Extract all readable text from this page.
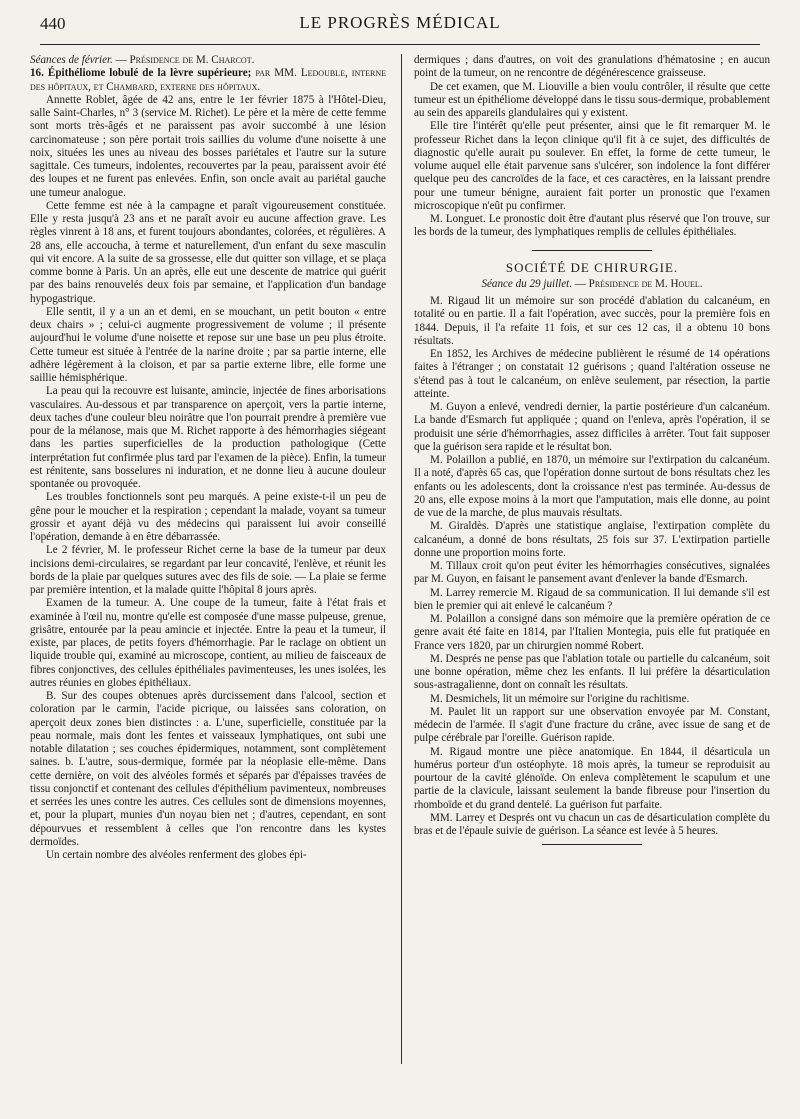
440	LE PROGRÈS MÉDICAL

Séances de février. — Présidence de M. Charcot.

16. Épithéliome lobulé de la lèvre supérieure; par MM. Ledouble, interne des hôpitaux, et Chambard, externe des hôpitaux.

Annette Roblet, âgée de 42 ans, entre le 1er février 1875 à l'Hôtel-Dieu, salle Saint-Charles, n° 3 (service M. Richet). Le père et la mère de cette femme sont morts très-âgés et ne paraissent pas avoir succombé à une lésion carcinomateuse ; son père portait trois saillies du volume d'une noisette à une noix, situées les unes au niveau des bosses pariétales et l'autre sur la suture sagittale. Ces tumeurs, indolentes, recouvertes par la peau, paraissent avoir été des loupes et ne furent pas enlevées. Enfin, son oncle avait au pariétal gauche une tumeur analogue.

Cette femme est née à la campagne et paraît vigoureusement constituée. Elle y resta jusqu'à 23 ans et ne paraît avoir eu aucune affection grave. Les règles vinrent à 18 ans, et furent toujours abondantes, colorées, et régulières. A 28 ans, elle accoucha, à terme et naturellement, d'un enfant du sexe masculin qui vit encore. A la suite de sa grossesse, elle dut quitter son village, et se plaça comme bonne à Paris. Un an après, elle eut une descente de matrice qui guérit par des bains renouvelés deux fois par semaine, et l'application d'un bandage hypogastrique.

Elle sentit, il y a un an et demi, en se mouchant, un petit bouton « entre deux chairs » ; celui-ci augmente progressivement de volume ; il présente aujourd'hui le volume d'une noisette et repose sur une base un peu plus étroite. Cette tumeur est située à l'entrée de la narine droite ; par sa partie interne, elle adhère légèrement à la cloison, et par sa partie externe libre, elle forme une saillie hémisphérique.

La peau qui la recouvre est luisante, amincie, injectée de fines arborisations vasculaires. Au-dessous et par transparence on aperçoit, vers la partie interne, deux taches d'une couleur bleu noirâtre que l'on pourrait prendre à première vue pour de la mélanose, mais que M. Richet rapporte à des hémorrhagies siégeant dans les parties superficielles de la production pathologique (Cette interprétation fut confirmée plus tard par l'examen de la pièce). Enfin, la tumeur est rénitente, sans bosselures ni induration, et ne donne lieu à aucune douleur spontanée ou provoquée.

Les troubles fonctionnels sont peu marqués. A peine existe-t-il un peu de gêne pour le moucher et la respiration ; cependant la malade, voyant sa tumeur grossir et ayant déjà vu des médecins qui paraissent lui avoir conseillé l'opération, demande à en être débarrassée.

Le 2 février, M. le professeur Richet cerne la base de la tumeur par deux incisions demi-circulaires, se regardant par leur concavité, l'enlève, et réunit les bords de la plaie par quelques sutures avec des fils de soie. — La plaie se ferme par première intention, et la malade quitte l'hôpital 8 jours après.

Examen de la tumeur. A. Une coupe de la tumeur, faite à l'état frais et examinée à l'œil nu, montre qu'elle est composée d'une masse pulpeuse, grenue, grisâtre, entourée par la peau amincie et injectée. Entre la peau et la tumeur, il existe, par places, de petits foyers d'hémorrhagie. Par le raclage on obtient un liquide trouble qui, examiné au microscope, contient, au milieu de faisceaux de fibres conjonctives, des cellules épithéliales pavimenteuses, les unes isolées, les autres réunies en globes épithéliaux.

B. Sur des coupes obtenues après durcissement dans l'alcool, section et coloration par le carmin, l'acide picrique, ou laissées sans coloration, on aperçoit deux zones bien distinctes : a. L'une, superficielle, constituée par la peau normale, mais dont les fentes et vaisseaux lymphatiques, ont subi une notable dilatation ; ses couches épidermiques, notamment, sont complètement saines. b. L'autre, sous-dermique, formée par la néoplasie elle-même. Dans cette dernière, on voit des alvéoles formés et séparés par d'épaisses travées de tissu conjonctif et contenant des cellules d'épithélium pavimenteux, nombreuses et serrées les unes contre les autres. Ces cellules sont de dimensions moyennes, et, pour la plupart, munies d'un noyau bien net ; d'autres, cependant, en sont dépourvues et ressemblent à celles que l'on rencontre dans les kystes dermoïdes.

Un certain nombre des alvéoles renferment des globes épi-

dermiques ; dans d'autres, on voit des granulations d'hématosine ; en aucun point de la tumeur, on ne rencontre de dégénérescence graisseuse.

De cet examen, que M. Liouville a bien voulu contrôler, il résulte que cette tumeur est un épithéliome développé dans le tissu sous-dermique, probablement au sein des appareils glandulaires qui y existent.

Elle tire l'intérêt qu'elle peut présenter, ainsi que le fit remarquer M. le professeur Richet dans la leçon clinique qu'il fit à ce sujet, des difficultés de diagnostic qu'elle aurait pu soulever. En effet, la forme de cette tumeur, le volume auquel elle était parvenue sans s'ulcérer, son indolence la font différer quelque peu des cancroïdes de la face, et ces caractères, en la laissant prendre pour une tumeur bénigne, auraient fait porter un pronostic que l'examen microscopique n'eût pu confirmer.

M. Longuet. Le pronostic doit être d'autant plus réservé que l'on trouve, sur les bords de la tumeur, des lymphatiques remplis de cellules épithéliales.

SOCIÉTÉ DE CHIRURGIE.

Séance du 29 juillet. — Présidence de M. Houel.

M. Rigaud lit un mémoire sur son procédé d'ablation du calcanéum, en totalité ou en partie. Il a fait l'opération, avec succès, pour la première fois en 1844. Depuis, il l'a refaite 11 fois, et sur ces 12 cas, il a obtenu 10 bons résultats.

En 1852, les Archives de médecine publièrent le résumé de 14 opérations faites à l'étranger ; on constatait 12 guérisons ; quand l'altération osseuse ne s'étend pas à tout le calcanéum, on enlève seulement, par résection, la partie atteinte.

M. Guyon a enlevé, vendredi dernier, la partie postérieure d'un calcanéum. La bande d'Esmarch fut appliquée ; quand on l'enleva, après l'opération, il se produisit une série d'hémorrhagies, assez difficiles à arrêter. Tout fait supposer que la guérison sera rapide et le résultat bon.

M. Polaillon a publié, en 1870, un mémoire sur l'extirpation du calcanéum. Il a noté, d'après 65 cas, que l'opération donne surtout de bons résultats chez les enfants ou les adolescents, dont la croissance n'est pas terminée. Au-dessus de 20 ans, elle expose moins à la mort que l'amputation, mais elle donne, au point de vue de la marche, de plus mauvais résultats.

M. Giraldès. D'après une statistique anglaise, l'extirpation complète du calcanéum, a donné de bons résultats, 25 fois sur 37. L'extirpation partielle donne une proportion moins forte.

M. Tillaux croit qu'on peut éviter les hémorrhagies consécutives, signalées par M. Guyon, en faisant le pansement avant d'enlever la bande d'Esmarch.

M. Larrey remercie M. Rigaud de sa communication. Il lui demande s'il est bien le premier qui ait enlevé le calcanéum ?

M. Polaillon a consigné dans son mémoire que la première opération de ce genre avait été faite en 1814, par l'Italien Montegia, puis elle fut pratiquée en France vers 1820, par un chirurgien nommé Robert.

M. Després ne pense pas que l'ablation totale ou partielle du calcanéum, soit une bonne opération, même chez les enfants. Il lui préfère la désarticulation sous-astragalienne, dont on connaît les résultats.

M. Desmichels, lit un mémoire sur l'origine du rachitisme.

M. Paulet lit un rapport sur une observation envoyée par M. Constant, médecin de l'armée. Il s'agit d'une fracture du crâne, avec issue de sang et de pulpe cérébrale par l'oreille. Guérison rapide.

M. Rigaud montre une pièce anatomique. En 1844, il désarticula un humérus porteur d'un ostéophyte. 18 mois après, la tumeur se reproduisit au pourtour de la cavité glénoïde. On enleva complètement le scapulum et une partie de la clavicule, laissant seulement la bande fibreuse pour l'insertion du rhomboïde et du grand dentelé. La guérison fut parfaite.

MM. Larrey et Després ont vu chacun un cas de désarticulation complète du bras et de l'épaule suivie de guérison. La séance est levée à 5 heures.
